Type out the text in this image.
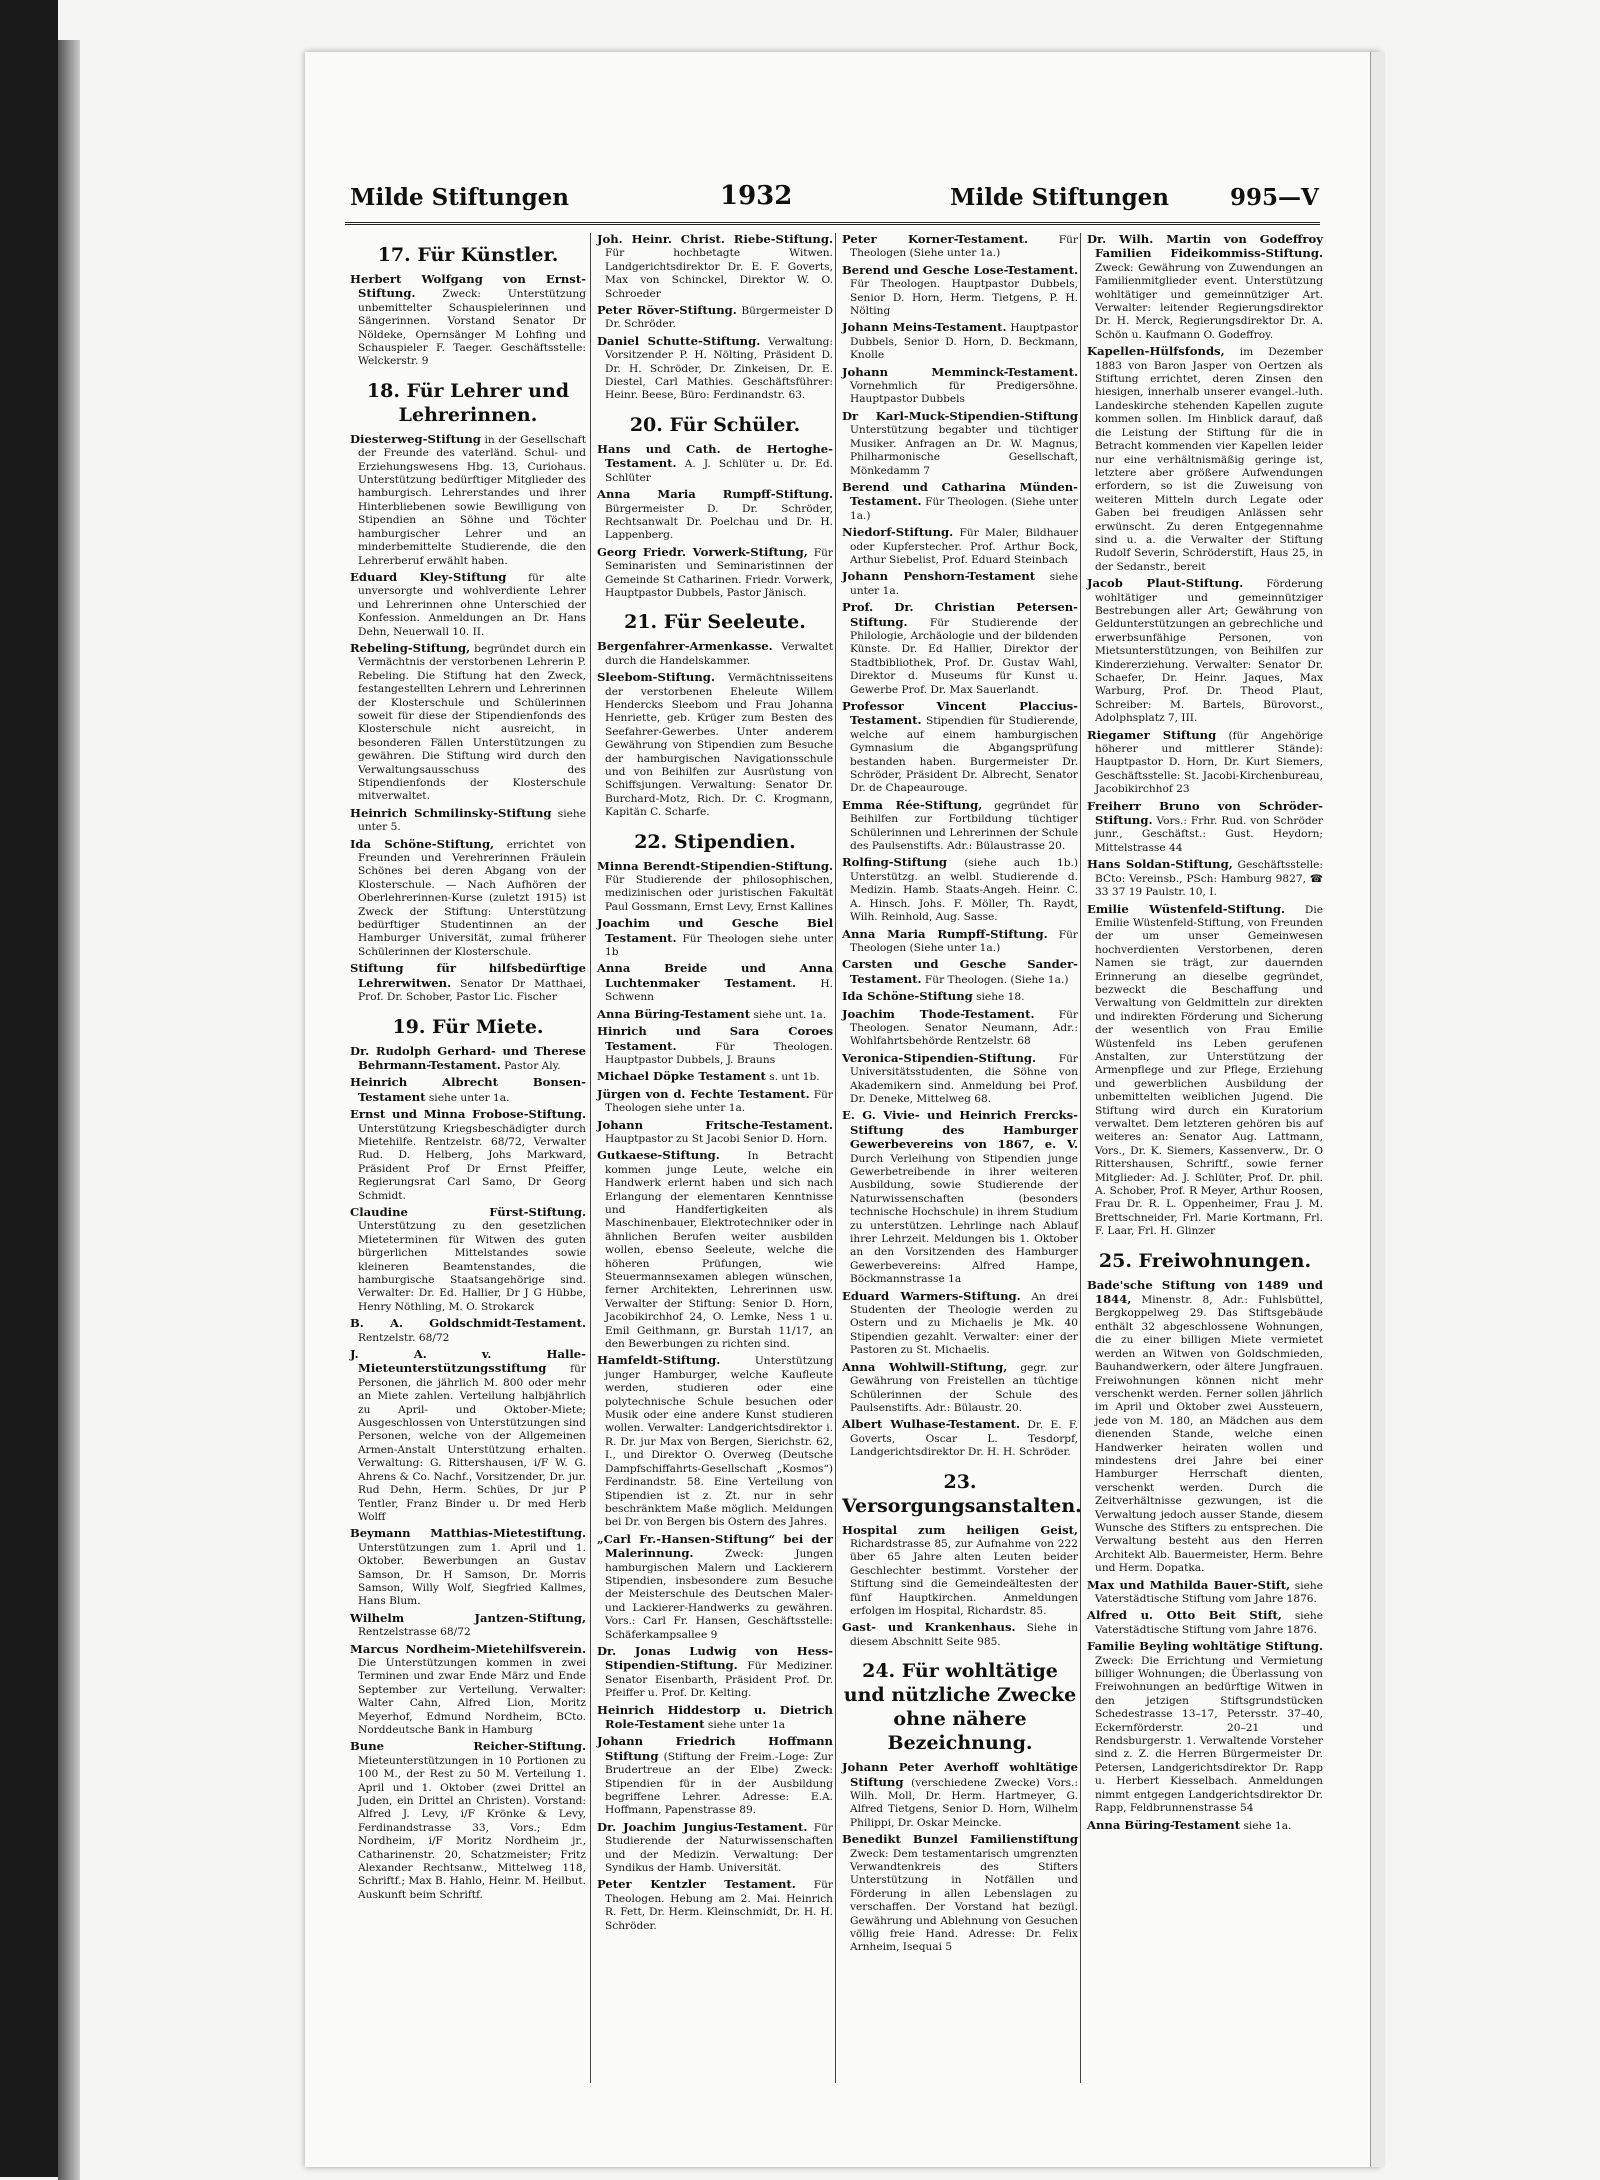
Milde Stiftungen	1932	Milde Stiftungen	995—V
17. Für Künstler.
Herbert Wolfgang von Ernst-Stiftung. Zweck: Unterstützung unbemittelter Schauspielerinnen und Sängerinnen. Vorstand Senator Dr Nöldeke, Opernsänger M Lohfing und Schauspieler F. Taeger. Geschäftsstelle: Welckerstr. 9
18. Für Lehrer und Lehrerinnen.
Diesterweg-Stiftung in der Gesellschaft der Freunde des vaterländ. Schul- und Erziehungswesens Hbg. 13, Curiohaus. Unterstützung bedürftiger Mitglieder des hamburgisch. Lehrerstandes und ihrer Hinterbliebenen sowie Bewilligung von Stipendien an Söhne und Töchter hamburgischer Lehrer und an minderbemittelte Studierende, die den Lehrerberuf erwählt haben.
Eduard Kley-Stiftung für alte unversorgte und wohlverdiente Lehrer und Lehrerinnen ohne Unterschied der Konfession. Anmeldungen an Dr. Hans Dehn, Neuerwall 10. II.
Rebeling-Stiftung, begründet durch ein Vermächtnis der verstorbenen Lehrerin P. Rebeling. Die Stiftung hat den Zweck, festangestellten Lehrern und Lehrerinnen der Klosterschule und Schülerinnen soweit für diese der Stipendienfonds des Klosterschule nicht ausreicht, in besonderen Fällen Unterstützungen zu gewähren. Die Stiftung wird durch den Verwaltungsausschuss des Stipendienfonds der Klosterschule mitverwaltet.
Heinrich Schmilinsky-Stiftung siehe unter 5.
Ida Schöne-Stiftung, errichtet von Freunden und Verehrerinnen Fräulein Schönes bei deren Abgang von der Klosterschule. — Nach Aufhören der Oberlehrerinnen-Kurse (zuletzt 1915) ist Zweck der Stiftung: Unterstützung bedürftiger Studentinnen an der Hamburger Universität, zumal früherer Schülerinnen der Klosterschule.
Stiftung für hilfsbedürftige Lehrerwitwen. Senator Dr Matthaei, Prof. Dr. Schober, Pastor Lic. Fischer
19. Für Miete.
Dr. Rudolph Gerhard- und Therese Behrmann-Testament. Pastor Aly.
Heinrich Albrecht Bonsen-Testament siehe unter 1a.
Ernst und Minna Frobose-Stiftung. Unterstützung Kriegsbeschädigter durch Mietehilfe. Rentzelstr. 68/72, Verwalter Rud. D. Helberg, Johs Markward, Präsident Prof Dr Ernst Pfeiffer, Regierungsrat Carl Samo, Dr Georg Schmidt.
Claudine Fürst-Stiftung. Unterstützung zu den gesetzlichen Mieteterminen für Witwen des guten bürgerlichen Mittelstandes sowie kleineren Beamtenstandes, die hamburgische Staatsangehörige sind. Verwalter: Dr. Ed. Hallier, Dr J G Hübbe, Henry Nöthling, M. O. Strokarck
B. A. Goldschmidt-Testament. Rentzelstr. 68/72
J. A. v. Halle-Mieteunterstützungsstiftung für Personen, die jährlich M. 800 oder mehr an Miete zahlen. Verteilung halbjährlich zu April- und Oktober-Miete; Ausgeschlossen von Unterstützungen sind Personen, welche von der Allgemeinen Armen-Anstalt Unterstützung erhalten. Verwaltung: G. Rittershausen, i/F W. G. Ahrens & Co. Nachf., Vorsitzender, Dr. jur. Rud Dehn, Herm. Schües, Dr jur P Tentler, Franz Binder u. Dr med Herb Wolff
Beymann Matthias-Mietestiftung. Unterstützungen zum 1. April und 1. Oktober. Bewerbungen an Gustav Samson, Dr. H Samson, Dr. Morris Samson, Willy Wolf, Siegfried Kallmes, Hans Blum.
Wilhelm Jantzen-Stiftung, Rentzelstrasse 68/72
Marcus Nordheim-Mietehilfsverein. Die Unterstützungen kommen in zwei Terminen und zwar Ende März und Ende September zur Verteilung. Verwalter: Walter Cahn, Alfred Lion, Moritz Meyerhof, Edmund Nordheim, BCto. Norddeutsche Bank in Hamburg
Bune Reicher-Stiftung. Mieteunterstützungen in 10 Portionen zu 100 M., der Rest zu 50 M. Verteilung 1. April und 1. Oktober (zwei Drittel an Juden, ein Drittel an Christen). Vorstand: Alfred J. Levy, i/F Krönke & Levy, Ferdinandstrasse 33, Vors.; Edm Nordheim, i/F Moritz Nordheim jr., Catharinenstr. 20, Schatzmeister; Fritz Alexander Rechtsanw., Mittelweg 118, Schriftf.; Max B. Hahlo, Heinr. M. Heilbut. Auskunft beim Schriftf.
Joh. Heinr. Christ. Riebe-Stiftung. Für hochbetagte Witwen. Landgerichtsdirektor Dr. E. F. Goverts, Max von Schinckel, Direktor W. O. Schroeder
Peter Röver-Stiftung. Bürgermeister D Dr. Schröder.
Daniel Schutte-Stiftung. Verwaltung: Vorsitzender P. H. Nölting, Präsident D. Dr. H. Schröder, Dr. Zinkeisen, Dr. E. Diestel, Carl Mathies. Geschäftsführer: Heinr. Beese, Büro: Ferdinandstr. 63.
20. Für Schüler.
Hans und Cath. de Hertoghe-Testament. A. J. Schlüter u. Dr. Ed. Schlüter
Anna Maria Rumpff-Stiftung. Bürgermeister D. Dr. Schröder, Rechtsanwalt Dr. Poelchau und Dr. H. Lappenberg.
Georg Friedr. Vorwerk-Stiftung, Für Seminaristen und Seminaristinnen der Gemeinde St Catharinen. Friedr. Vorwerk, Hauptpastor Dubbels, Pastor Jänisch.
21. Für Seeleute.
Bergenfahrer-Armenkasse. Verwaltet durch die Handelskammer.
Sleebom-Stiftung. Vermächtnisseitens der verstorbenen Eheleute Willem Hendercks Sleebom und Frau Johanna Henriette, geb. Krüger zum Besten des Seefahrer-Gewerbes. Unter anderem Gewährung von Stipendien zum Besuche der hamburgischen Navigationsschule und von Beihilfen zur Ausrüstung von Schiffsjungen. Verwaltung: Senator Dr. Burchard-Motz, Rich. Dr. C. Krogmann, Kapitän C. Scharfe.
22. Stipendien.
Minna Berendt-Stipendien-Stiftung. Für Studierende der philosophischen, medizinischen oder juristischen Fakultät Paul Gossmann, Ernst Levy, Ernst Kallines
Joachim und Gesche Biel Testament. Für Theologen siehe unter 1b
Anna Breide und Anna Luchtenmaker Testament. H. Schwenn
Anna Büring-Testament siehe unt. 1a.
Hinrich und Sara Coroes Testament. Für Theologen. Hauptpastor Dubbels, J. Brauns
Michael Döpke Testament s. unt 1b.
Jürgen von d. Fechte Testament. Für Theologen siehe unter 1a.
Johann Fritsche-Testament. Hauptpastor zu St Jacobi Senior D. Horn.
Gutkaese-Stiftung. In Betracht kommen junge Leute, welche ein Handwerk erlernt haben und sich nach Erlangung der elementaren Kenntnisse und Handfertigkeiten als Maschinenbauer, Elektrotechniker oder in ähnlichen Berufen weiter ausbilden wollen, ebenso Seeleute, welche die höheren Prüfungen, wie Steuermannsexamen ablegen wünschen, ferner Architekten, Lehrerinnen usw. Verwalter der Stiftung: Senior D. Horn, Jacobikirchhof 24, O. Lemke, Ness 1 u. Emil Geithmann, gr. Burstah 11/17, an den Bewerbungen zu richten sind.
Hamfeldt-Stiftung. Unterstützung junger Hamburger, welche Kaufleute werden, studieren oder eine polytechnische Schule besuchen oder Musik oder eine andere Kunst studieren wollen. Verwalter: Landgerichtsdirektor i. R. Dr. jur Max von Bergen, Sierichstr. 62, I., und Direktor O. Overweg (Deutsche Dampfschiffahrts-Gesellschaft „Kosmos“) Ferdinandstr. 58. Eine Verteilung von Stipendien ist z. Zt. nur in sehr beschränktem Maße möglich. Meldungen bei Dr. von Bergen bis Ostern des Jahres.
„Carl Fr.-Hansen-Stiftung“ bei der Malerinnung. Zweck: Jungen hamburgischen Malern und Lackierern Stipendien, insbesondere zum Besuche der Meisterschule des Deutschen Maler- und Lackierer-Handwerks zu gewähren. Vors.: Carl Fr. Hansen, Geschäftsstelle: Schäferkampsallee 9
Dr. Jonas Ludwig von Hess-Stipendien-Stiftung. Für Mediziner. Senator Eisenbarth, Präsident Prof. Dr. Pfeiffer u. Prof. Dr. Kelting.
Heinrich Hiddestorp u. Dietrich Role-Testament siehe unter 1a
Johann Friedrich Hoffmann Stiftung (Stiftung der Freim.-Loge: Zur Brudertreue an der Elbe) Zweck: Stipendien für in der Ausbildung begriffene Lehrer. Adresse: E.A. Hoffmann, Papenstrasse 89.
Dr. Joachim Jungius-Testament. Für Studierende der Naturwissenschaften und der Medizin. Verwaltung: Der Syndikus der Hamb. Universität.
Peter Kentzler Testament. Für Theologen. Hebung am 2. Mai. Heinrich R. Fett, Dr. Herm. Kleinschmidt, Dr. H. H. Schröder.
Peter Korner-Testament. Für Theologen (Siehe unter 1a.)
Berend und Gesche Lose-Testament. Für Theologen. Hauptpastor Dubbels, Senior D. Horn, Herm. Tietgens, P. H. Nölting
Johann Meins-Testament. Hauptpastor Dubbels, Senior D. Horn, D. Beckmann, Knolle
Johann Memminck-Testament. Vornehmlich für Predigersöhne. Hauptpastor Dubbels
Dr Karl-Muck-Stipendien-Stiftung Unterstützung begabter und tüchtiger Musiker. Anfragen an Dr. W. Magnus, Philharmonische Gesellschaft, Mönkedamm 7
Berend und Catharina Münden-Testament. Für Theologen. (Siehe unter 1a.)
Niedorf-Stiftung. Für Maler, Bildhauer oder Kupferstecher. Prof. Arthur Bock, Arthur Siebelist, Prof. Eduard Steinbach
Johann Penshorn-Testament siehe unter 1a.
Prof. Dr. Christian Petersen-Stiftung. Für Studierende der Philologie, Archäologie und der bildenden Künste. Dr. Ed Hallier, Direktor der Stadtbibliothek, Prof. Dr. Gustav Wahl, Direktor d. Museums für Kunst u. Gewerbe Prof. Dr. Max Sauerlandt.
Professor Vincent Placcius-Testament. Stipendien für Studierende, welche auf einem hamburgischen Gymnasium die Abgangsprüfung bestanden haben. Burgermeister Dr. Schröder, Präsident Dr. Albrecht, Senator Dr. de Chapeaurouge.
Emma Rée-Stiftung, gegründet für Beihilfen zur Fortbildung tüchtiger Schülerinnen und Lehrerinnen der Schule des Paulsenstifts. Adr.: Bülaustrasse 20.
Rolfing-Stiftung (siehe auch 1b.) Unterstützg. an welbl. Studierende d. Medizin. Hamb. Staats-Angeh. Heinr. C. A. Hinsch. Johs. F. Möller, Th. Raydt, Wilh. Reinhold, Aug. Sasse.
Anna Maria Rumpff-Stiftung. Für Theologen (Siehe unter 1a.)
Carsten und Gesche Sander-Testament. Für Theologen. (Siehe 1a.)
Ida Schöne-Stiftung siehe 18.
Joachim Thode-Testament. Für Theologen. Senator Neumann, Adr.: Wohlfahrtsbehörde Rentzelstr. 68
Veronica-Stipendien-Stiftung. Für Universitätsstudenten, die Söhne von Akademikern sind. Anmeldung bei Prof. Dr. Deneke, Mittelweg 68.
E. G. Vivie- und Heinrich Frercks-Stiftung des Hamburger Gewerbevereins von 1867, e. V. Durch Verleihung von Stipendien junge Gewerbetreibende in ihrer weiteren Ausbildung, sowie Studierende der Naturwissenschaften (besonders technische Hochschule) in ihrem Studium zu unterstützen. Lehrlinge nach Ablauf ihrer Lehrzeit. Meldungen bis 1. Oktober an den Vorsitzenden des Hamburger Gewerbevereins: Alfred Hampe, Böckmannstrasse 1a
Eduard Warmers-Stiftung. An drei Studenten der Theologie werden zu Ostern und zu Michaelis je Mk. 40 Stipendien gezahlt. Verwalter: einer der Pastoren zu St. Michaelis.
Anna Wohlwill-Stiftung, gegr. zur Gewährung von Freistellen an tüchtige Schülerinnen der Schule des Paulsenstifts. Adr.: Bülaustr. 20.
Albert Wulhase-Testament. Dr. E. F. Goverts, Oscar L. Tesdorpf, Landgerichtsdirektor Dr. H. H. Schröder.
23. Versorgungsanstalten.
Hospital zum heiligen Geist, Richardstrasse 85, zur Aufnahme von 222 über 65 Jahre alten Leuten beider Geschlechter bestimmt. Vorsteher der Stiftung sind die Gemeindeältesten der fünf Hauptkirchen. Anmeldungen erfolgen im Hospital, Richardstr. 85.
Gast- und Krankenhaus. Siehe in diesem Abschnitt Seite 985.
24. Für wohltätige und nützliche Zwecke ohne nähere Bezeichnung.
Johann Peter Averhoff wohltätige Stiftung (verschiedene Zwecke) Vors.: Wilh. Moll, Dr. Herm. Hartmeyer, G. Alfred Tietgens, Senior D. Horn, Wilhelm Philippi, Dr. Oskar Meincke.
Benedikt Bunzel Familienstiftung Zweck: Dem testamentarisch umgrenzten Verwandtenkreis des Stifters Unterstützung in Notfällen und Förderung in allen Lebenslagen zu verschaffen. Der Vorstand hat bezügl. Gewährung und Ablehnung von Gesuchen völlig freie Hand. Adresse: Dr. Felix Arnheim, Isequai 5
Dr. Wilh. Martin von Godeffroy Familien Fideikommiss-Stiftung. Zweck: Gewährung von Zuwendungen an Familienmitglieder event. Unterstützung wohltätiger und gemeinnütziger Art. Verwalter: leitender Regierungsdirektor Dr. H. Merck, Regierungsdirektor Dr. A. Schön u. Kaufmann O. Godeffroy.
Kapellen-Hülfsfonds, im Dezember 1883 von Baron Jasper von Oertzen als Stiftung errichtet, deren Zinsen den hiesigen, innerhalb unserer evangel.-luth. Landeskirche stehenden Kapellen zugute kommen sollen. Im Hinblick darauf, daß die Leistung der Stiftung für die in Betracht kommenden vier Kapellen leider nur eine verhältnismäßig geringe ist, letztere aber größere Aufwendungen erfordern, so ist die Zuweisung von weiteren Mitteln durch Legate oder Gaben bei freudigen Anlässen sehr erwünscht. Zu deren Entgegennahme sind u. a. die Verwalter der Stiftung Rudolf Severin, Schröderstift, Haus 25, in der Sedanstr., bereit
Jacob Plaut-Stiftung. Förderung wohltätiger und gemeinnütziger Bestrebungen aller Art; Gewährung von Geldunterstützungen an gebrechliche und erwerbsunfähige Personen, von Mietsunterstützungen, von Beihilfen zur Kindererziehung. Verwalter: Senator Dr. Schaefer, Dr. Heinr. Jaques, Max Warburg, Prof. Dr. Theod Plaut, Schreiber: M. Bartels, Bürovorst., Adolphsplatz 7, III.
Riegamer Stiftung (für Angehörige höherer und mittlerer Stände): Hauptpastor D. Horn, Dr. Kurt Siemers, Geschäftsstelle: St. Jacobi-Kirchenbureau, Jacobikirchhof 23
Freiherr Bruno von Schröder-Stiftung. Vors.: Frhr. Rud. von Schröder junr., Geschäftst.: Gust. Heydorn; Mittelstrasse 44
Hans Soldan-Stiftung, Geschäftsstelle: BCto: Vereinsb., PSch: Hamburg 9827, ☎ 33 37 19 Paulstr. 10, I.
Emilie Wüstenfeld-Stiftung. Die Emilie Wüstenfeld-Stiftung, von Freunden der um unser Gemeinwesen hochverdienten Verstorbenen, deren Namen sie trägt, zur dauernden Erinnerung an dieselbe gegründet, bezweckt die Beschaffung und Verwaltung von Geldmitteln zur direkten und indirekten Förderung und Sicherung der wesentlich von Frau Emilie Wüstenfeld ins Leben gerufenen Anstalten, zur Unterstützung der Armenpflege und zur Pflege, Erziehung und gewerblichen Ausbildung der unbemittelten weiblichen Jugend. Die Stiftung wird durch ein Kuratorium verwaltet. Dem letzteren gehören bis auf weiteres an: Senator Aug. Lattmann, Vors., Dr. K. Siemers, Kassenverw., Dr. O Rittershausen, Schriftf., sowie ferner Mitglieder: Ad. J. Schlüter, Prof. Dr. phil. A. Schober, Prof. R Meyer, Arthur Roosen, Frau Dr. R. L. Oppenheimer, Frau J. M. Brettschneider, Frl. Marie Kortmann, Frl. F. Laar, Frl. H. Glinzer
25. Freiwohnungen.
Bade'sche Stiftung von 1489 und 1844, Minenstr. 8, Adr.: Fuhlsbüttel, Bergkoppelweg 29. Das Stiftsgebäude enthält 32 abgeschlossene Wohnungen, die zu einer billigen Miete vermietet werden an Witwen von Goldschmieden, Bauhandwerkern, oder ältere Jungfrauen. Freiwohnungen können nicht mehr verschenkt werden. Ferner sollen jährlich im April und Oktober zwei Aussteuern, jede von M. 180, an Mädchen aus dem dienenden Stande, welche einen Handwerker heiraten wollen und mindestens drei Jahre bei einer Hamburger Herrschaft dienten, verschenkt werden. Durch die Zeitverhältnisse gezwungen, ist die Verwaltung jedoch ausser Stande, diesem Wunsche des Stifters zu entsprechen. Die Verwaltung besteht aus den Herren Architekt Alb. Bauermeister, Herm. Behre und Herm. Dopatka.
Max und Mathilda Bauer-Stift, siehe Vaterstädtische Stiftung vom Jahre 1876.
Alfred u. Otto Beit Stift, siehe Vaterstädtische Stiftung vom Jahre 1876.
Familie Beyling wohltätige Stiftung. Zweck: Die Errichtung und Vermietung billiger Wohnungen; die Überlassung von Freiwohnungen an bedürftige Witwen in den jetzigen Stiftsgrundstücken Schedestrasse 13–17, Petersstr. 37–40, Eckernförderstr. 20–21 und Rendsburgerstr. 1. Verwaltende Vorsteher sind z. Z. die Herren Bürgermeister Dr. Petersen, Landgerichtsdirektor Dr. Rapp u. Herbert Kiesselbach. Anmeldungen nimmt entgegen Landgerichtsdirektor Dr. Rapp, Feldbrunnenstrasse 54
Anna Büring-Testament siehe 1a.
